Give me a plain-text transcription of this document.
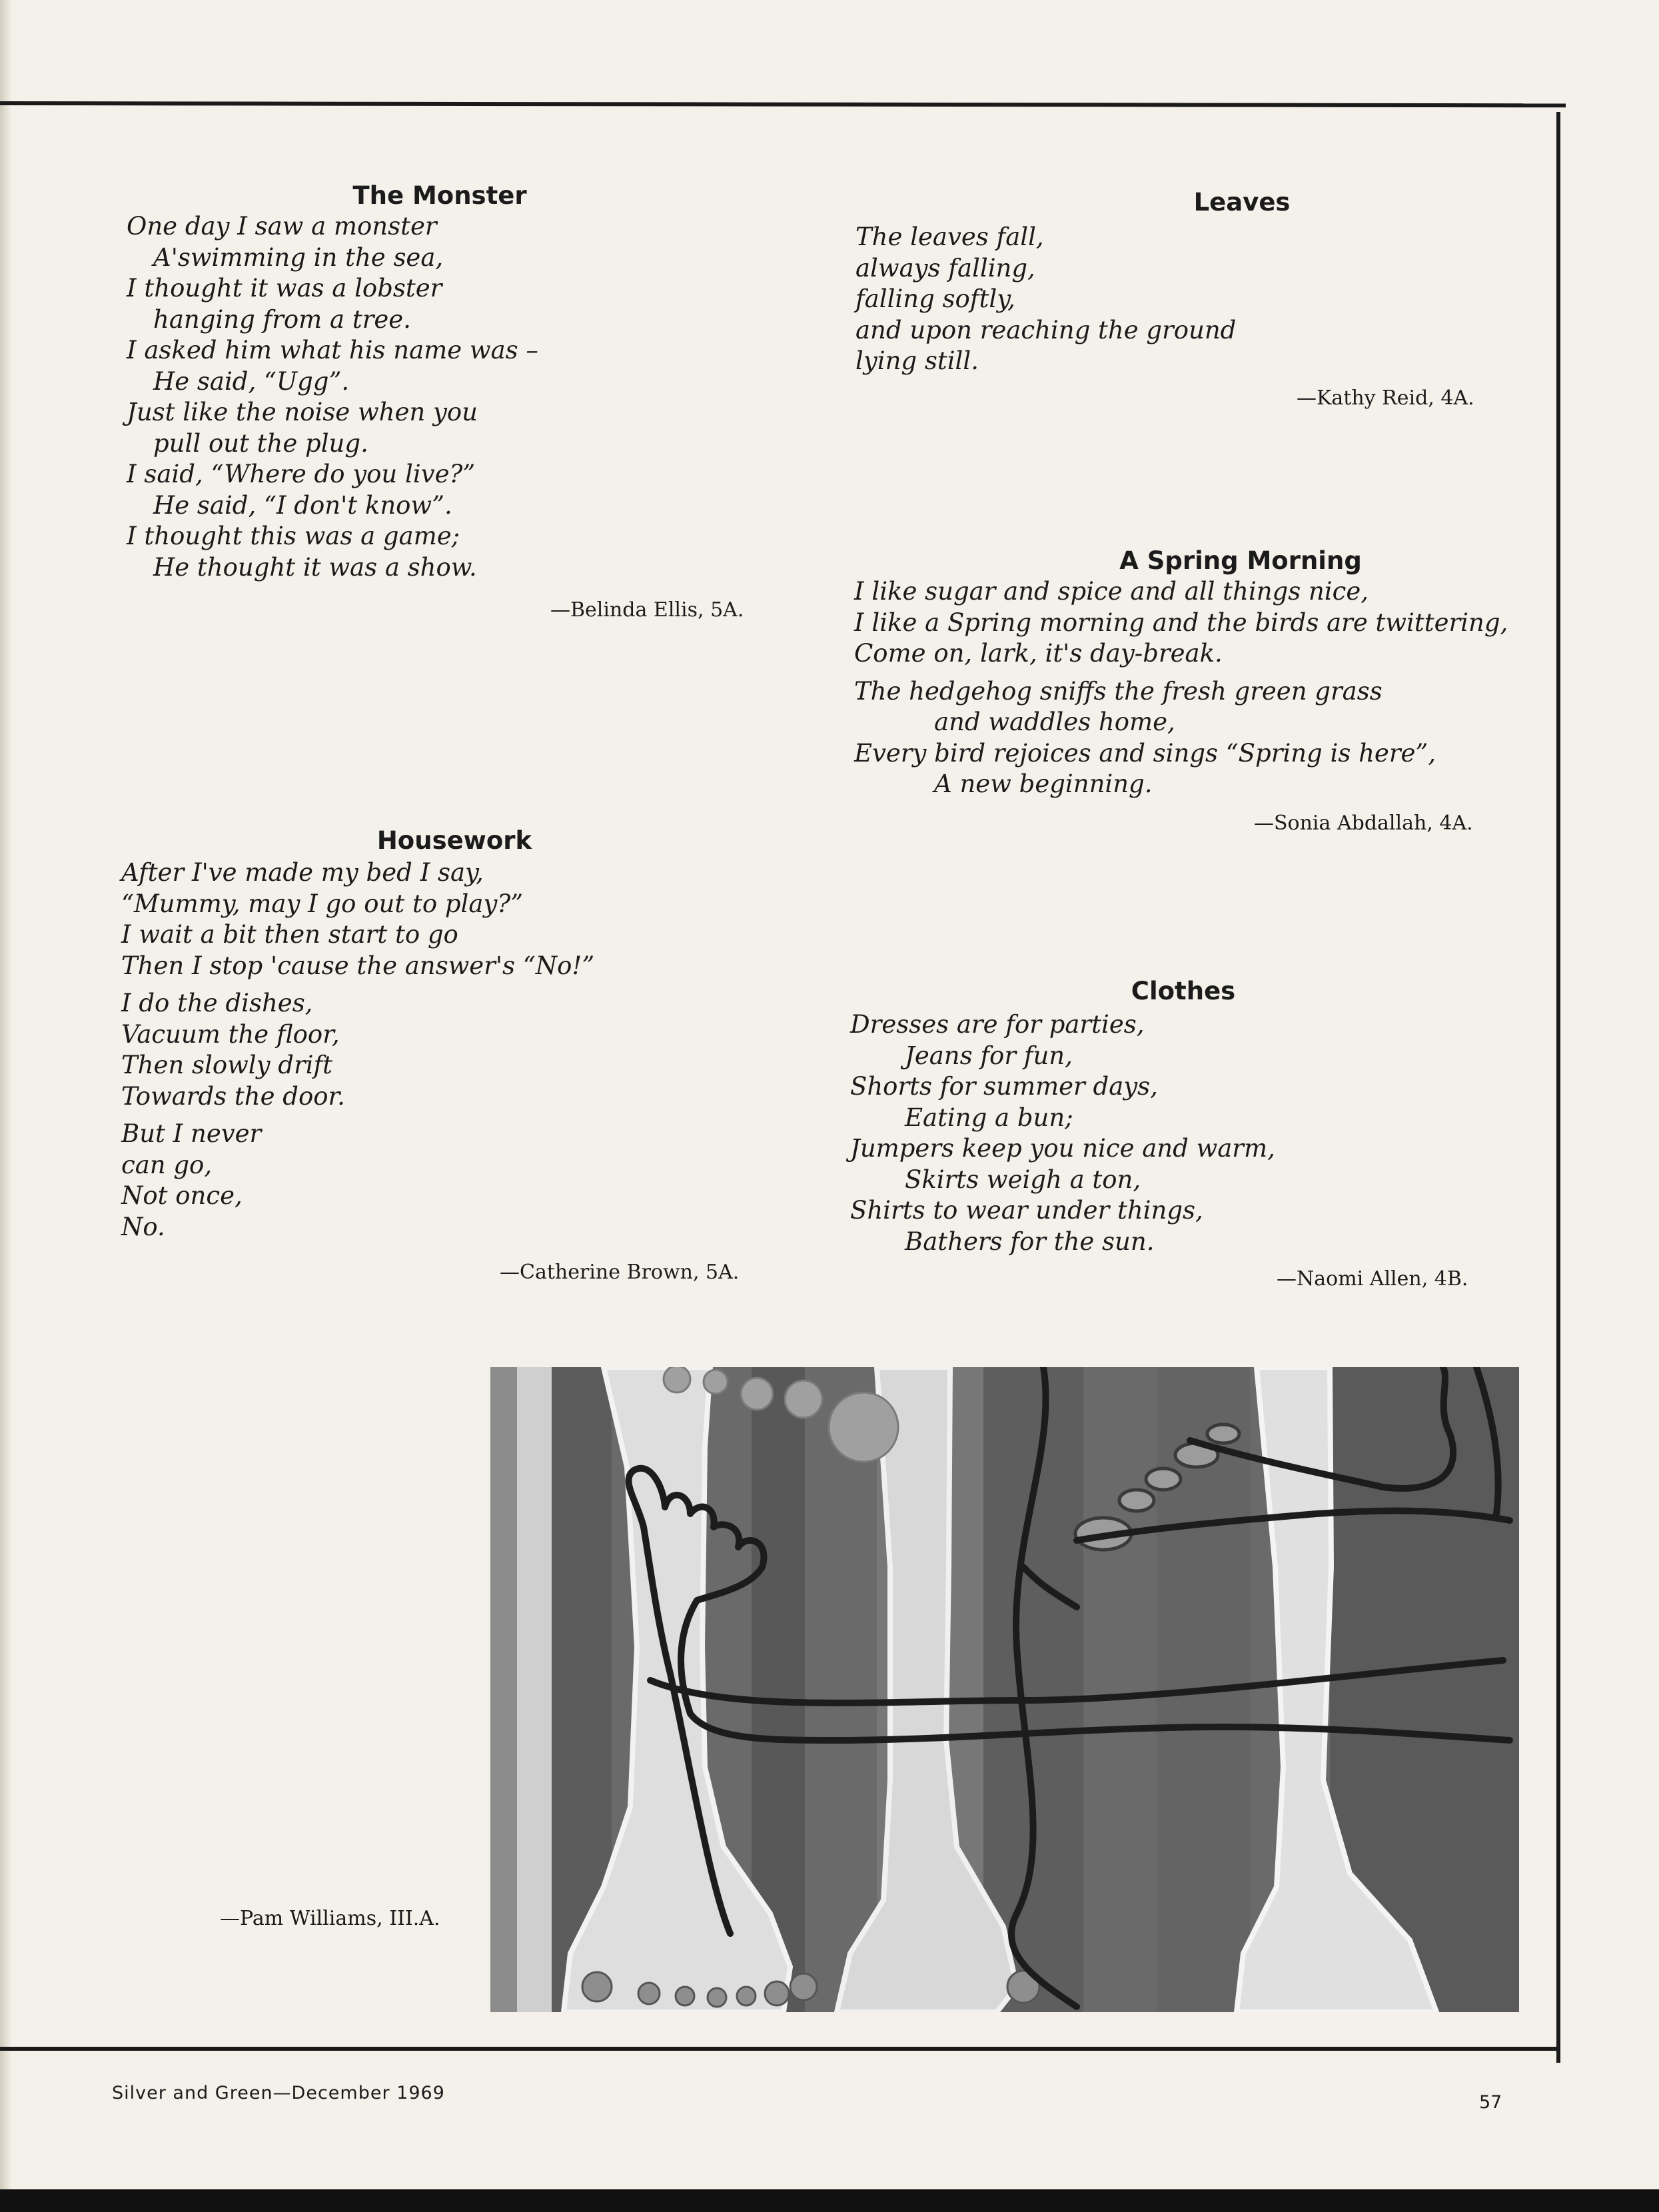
The Monster
One day I saw a monster
A'swimming in the sea,
I thought it was a lobster
hanging from a tree.
I asked him what his name was –
He said, “Ugg”.
Just like the noise when you
pull out the plug.
I said, “Where do you live?”
He said, “I don't know”.
I thought this was a game;
He thought it was a show.
—Belinda Ellis, 5A.
Leaves
The leaves fall,
always falling,
falling softly,
and upon reaching the ground
lying still.
—Kathy Reid, 4A.
A Spring Morning
I like sugar and spice and all things nice,
I like a Spring morning and the birds are twittering,
Come on, lark, it's day-break.
The hedgehog sniffs the fresh green grass
and waddles home,
Every bird rejoices and sings “Spring is here”,
A new beginning.
—Sonia Abdallah, 4A.
Housework
After I've made my bed I say,
“Mummy, may I go out to play?”
I wait a bit then start to go
Then I stop 'cause the answer's “No!”
I do the dishes,
Vacuum the floor,
Then slowly drift
Towards the door.
But I never
can go,
Not once,
No.
—Catherine Brown, 5A.
Clothes
Dresses are for parties,
Jeans for fun,
Shorts for summer days,
Eating a bun;
Jumpers keep you nice and warm,
Skirts weigh a ton,
Shirts to wear under things,
Bathers for the sun.
—Naomi Allen, 4B.
—Pam Williams, III.A.
Silver and Green—December 1969	57
